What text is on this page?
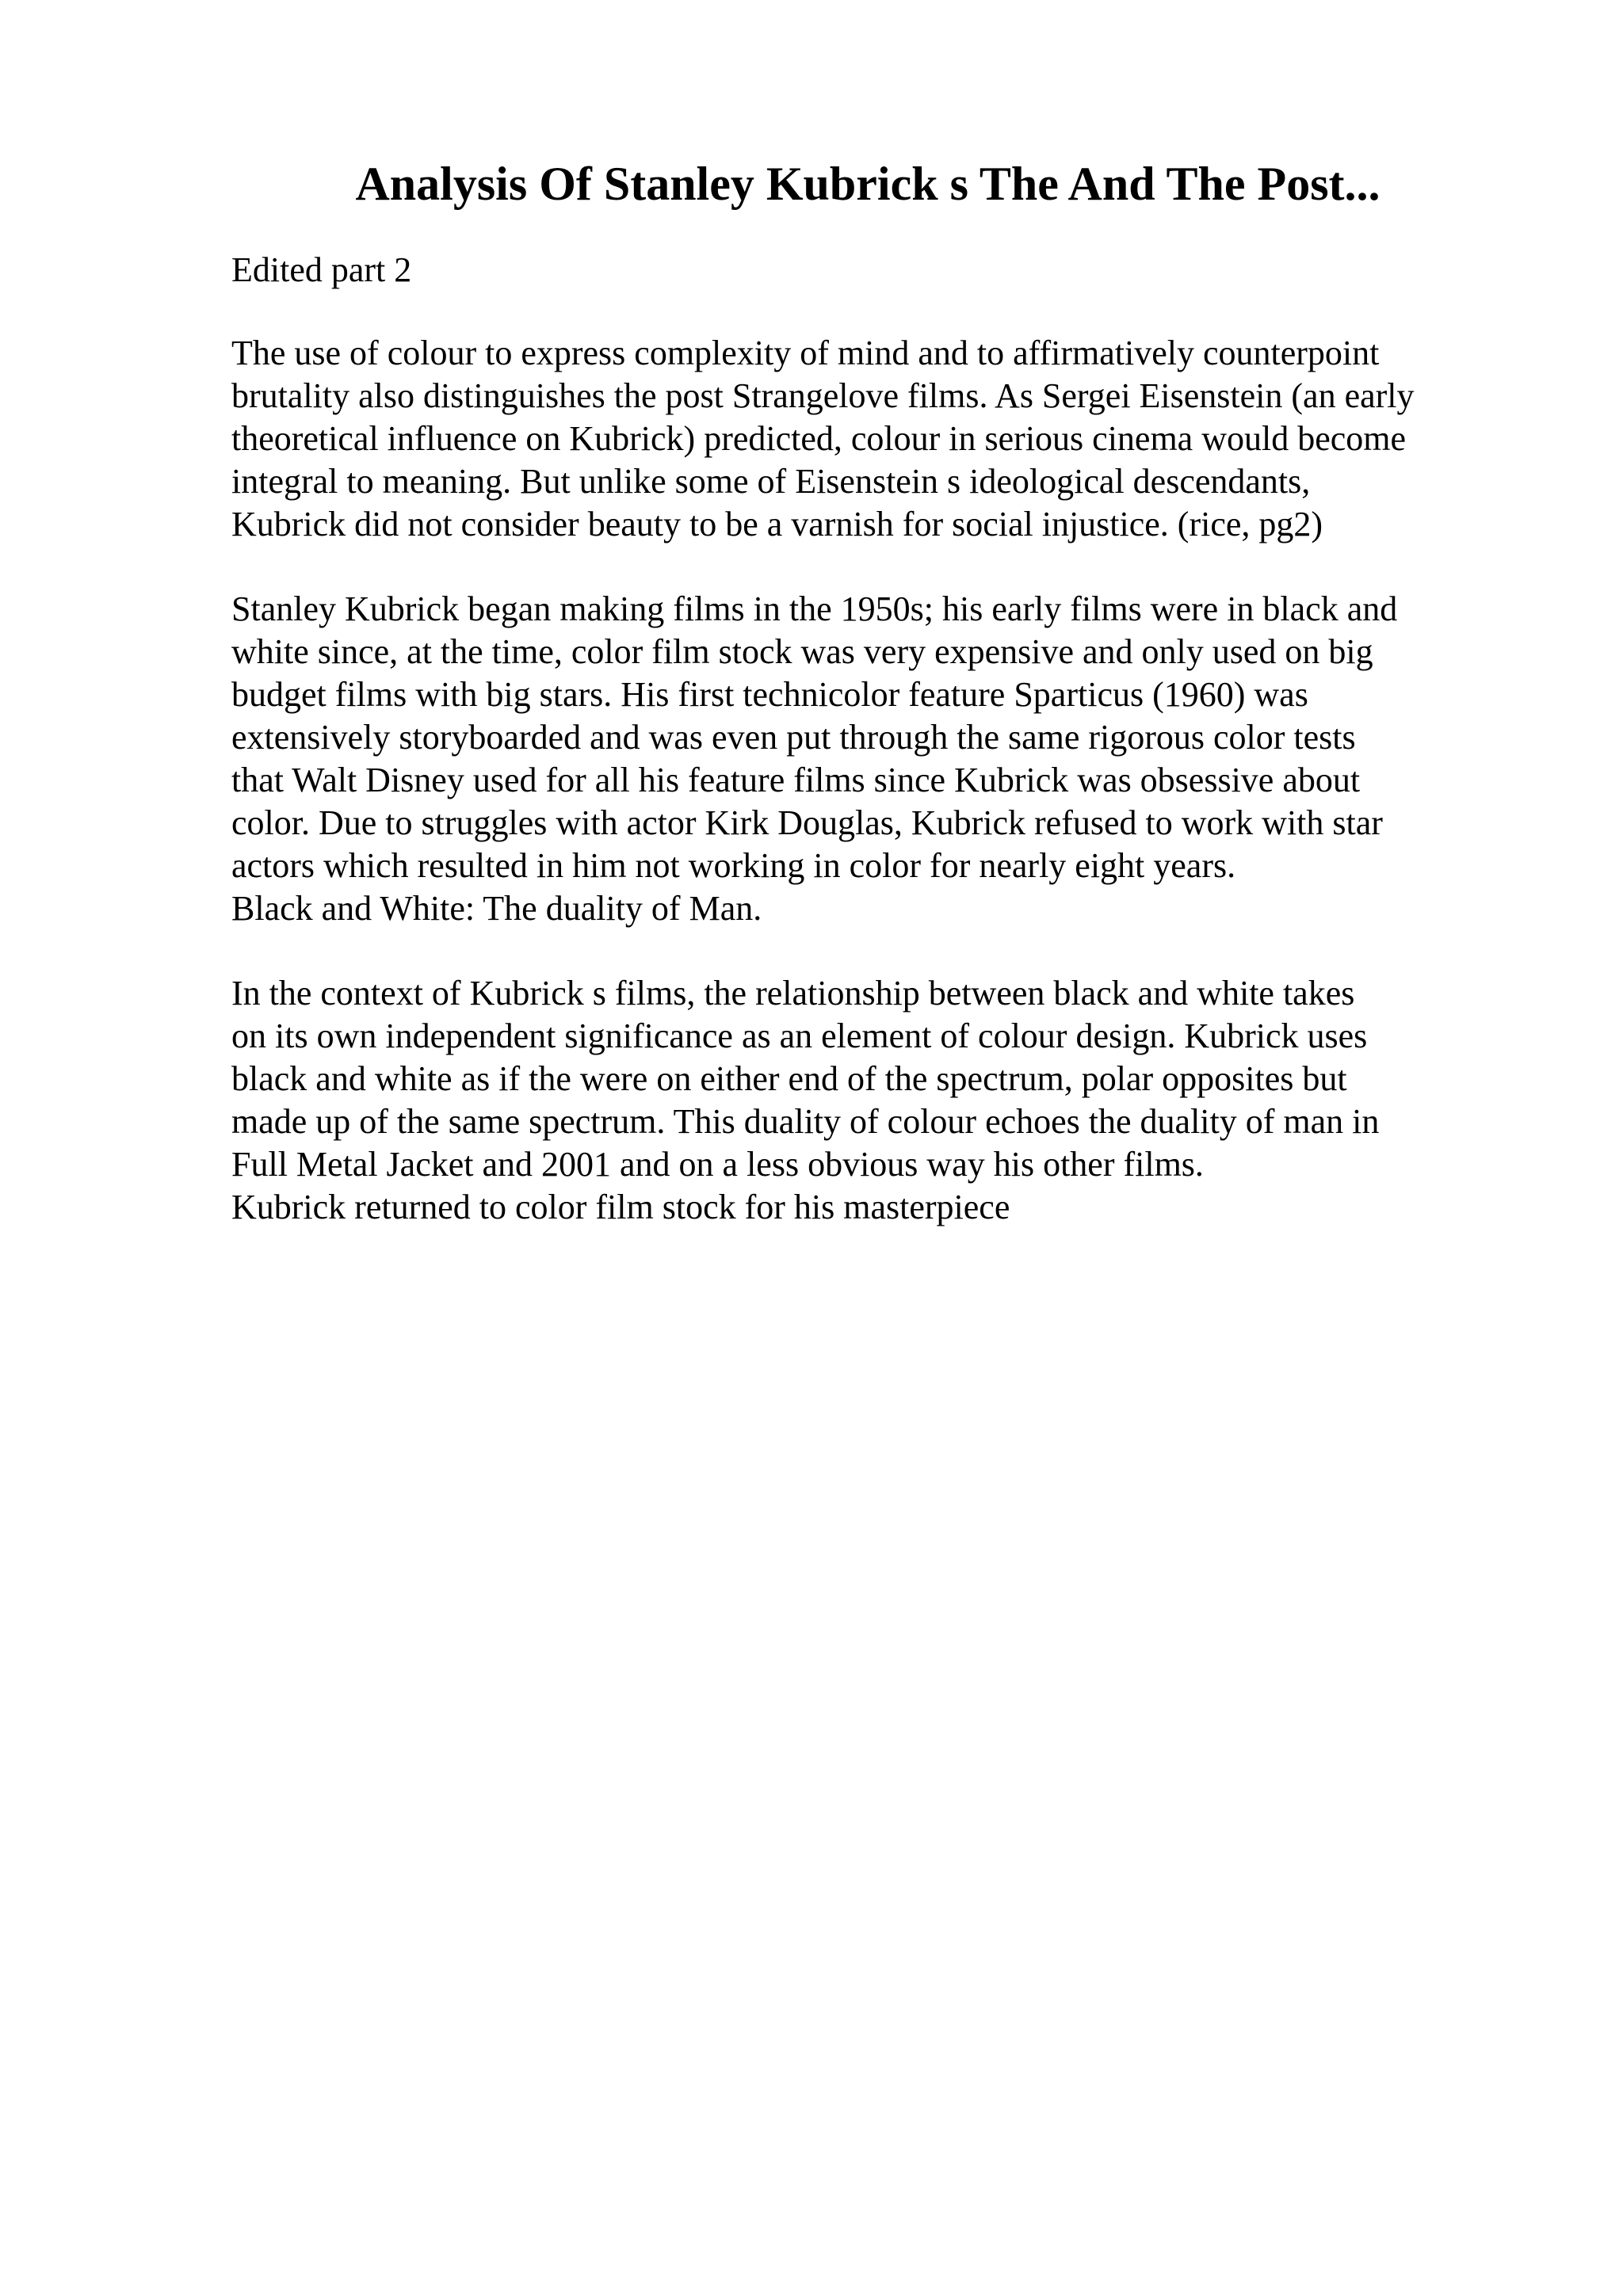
Analysis Of Stanley Kubrick s The And The Post...

Edited part 2

The use of colour to express complexity of mind and to affirmatively counterpoint
brutality also distinguishes the post Strangelove films. As Sergei Eisenstein (an early
theoretical influence on Kubrick) predicted, colour in serious cinema would become
integral to meaning. But unlike some of Eisenstein s ideological descendants,
Kubrick did not consider beauty to be a varnish for social injustice. (rice, pg2)

Stanley Kubrick began making films in the 1950s; his early films were in black and
white since, at the time, color film stock was very expensive and only used on big
budget films with big stars. His first technicolor feature Sparticus (1960) was
extensively storyboarded and was even put through the same rigorous color tests
that Walt Disney used for all his feature films since Kubrick was obsessive about
color. Due to struggles with actor Kirk Douglas, Kubrick refused to work with star
actors which resulted in him not working in color for nearly eight years.
Black and White: The duality of Man.

In the context of Kubrick s films, the relationship between black and white takes
on its own independent significance as an element of colour design. Kubrick uses
black and white as if the were on either end of the spectrum, polar opposites but
made up of the same spectrum. This duality of colour echoes the duality of man in
Full Metal Jacket and 2001 and on a less obvious way his other films.
Kubrick returned to color film stock for his masterpiece
